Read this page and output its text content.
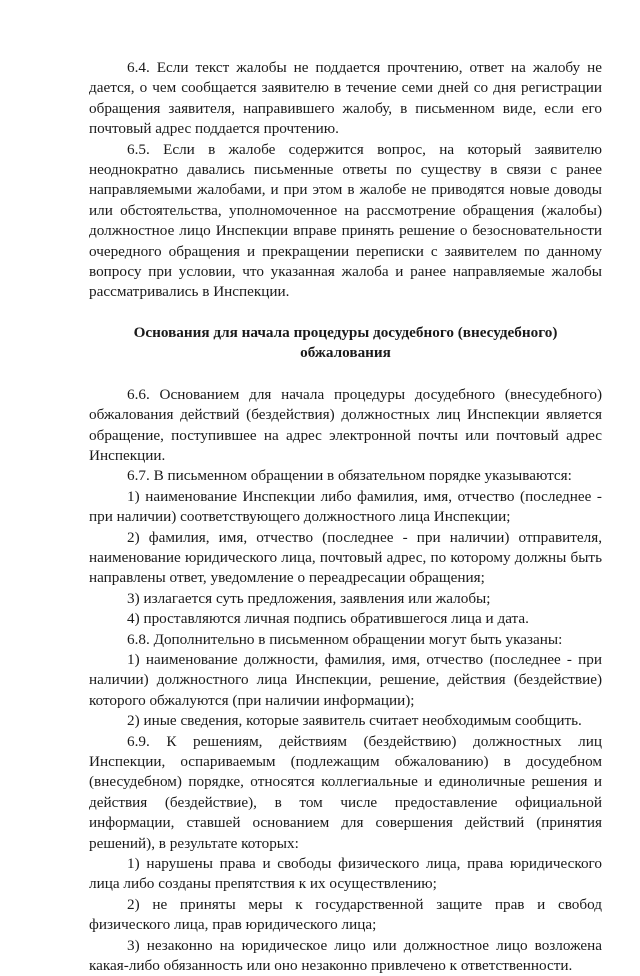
6.4. Если текст жалобы не поддается прочтению, ответ на жалобу не дается, о чем сообщается заявителю в течение семи дней со дня регистрации обращения заявителя, направившего жалобу, в письменном виде, если его почтовый адрес поддается прочтению.

6.5. Если в жалобе содержится вопрос, на который заявителю неоднократно давались письменные ответы по существу в связи с ранее направляемыми жалобами, и при этом в жалобе не приводятся новые доводы или обстоятельства, уполномоченное на рассмотрение обращения (жалобы) должностное лицо Инспекции вправе принять решение о безосновательности очередного обращения и прекращении переписки с заявителем по данному вопросу при условии, что указанная жалоба и ранее направляемые жалобы рассматривались в Инспекции.

Основания для начала процедуры досудебного (внесудебного) обжалования

6.6. Основанием для начала процедуры досудебного (внесудебного) обжалования действий (бездействия) должностных лиц Инспекции является обращение, поступившее на адрес электронной почты или почтовый адрес Инспекции.

6.7. В письменном обращении в обязательном порядке указываются:

1) наименование Инспекции либо фамилия, имя, отчество (последнее - при наличии) соответствующего должностного лица Инспекции;

2) фамилия, имя, отчество (последнее - при наличии) отправителя, наименование юридического лица, почтовый адрес, по которому должны быть направлены ответ, уведомление о переадресации обращения;

3) излагается суть предложения, заявления или жалобы;

4) проставляются личная подпись обратившегося лица и дата.

6.8. Дополнительно в письменном обращении могут быть указаны:

1) наименование должности, фамилия, имя, отчество (последнее - при наличии) должностного лица Инспекции, решение, действия (бездействие) которого обжалуются (при наличии информации);

2) иные сведения, которые заявитель считает необходимым сообщить.

6.9. К решениям, действиям (бездействию) должностных лиц Инспекции, оспариваемым (подлежащим обжалованию) в досудебном (внесудебном) порядке, относятся коллегиальные и единоличные решения и действия (бездействие), в том числе предоставление официальной информации, ставшей основанием для совершения действий (принятия решений), в результате которых:

1) нарушены права и свободы физического лица, права юридического лица либо созданы препятствия к их осуществлению;

2) не приняты меры к государственной защите прав и свобод физического лица, прав юридического лица;

3) незаконно на юридическое лицо или должностное лицо возложена какая-либо обязанность или оно незаконно привлечено к ответственности.
